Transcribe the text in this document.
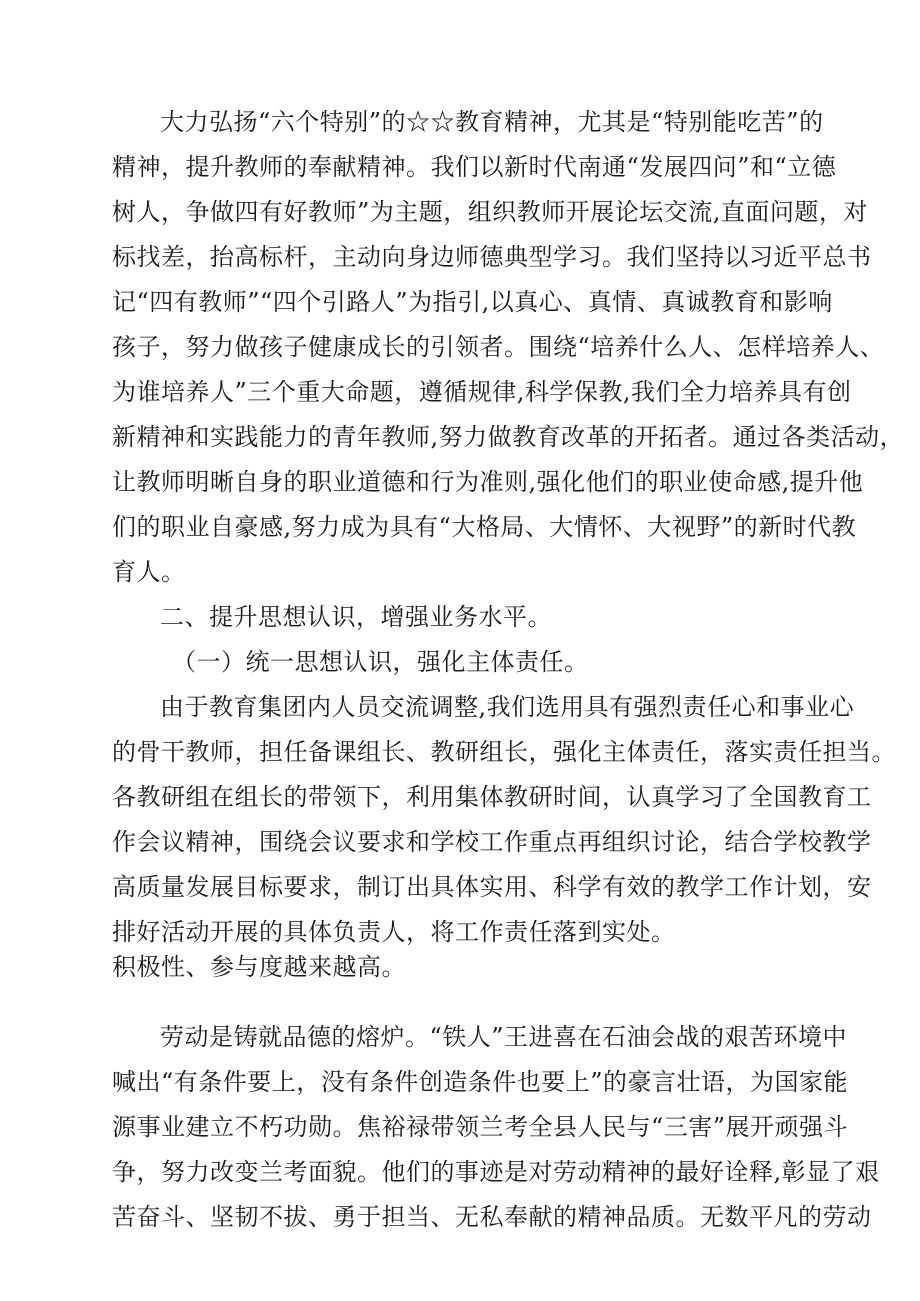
大力弘扬“六个特别”的☆☆教育精神，尤其是“特别能吃苦”的
精神，提升教师的奉献精神。我们以新时代南通“发展四问”和“立德
树人，争做四有好教师”为主题，组织教师开展论坛交流,直面问题，对
标找差，抬高标杆，主动向身边师德典型学习。我们坚持以习近平总书
记“四有教师”“四个引路人”为指引,以真心、真情、真诚教育和影响
孩子，努力做孩子健康成长的引领者。围绕“培养什么人、怎样培养人、
为谁培养人”三个重大命题，遵循规律,科学保教,我们全力培养具有创
新精神和实践能力的青年教师,努力做教育改革的开拓者。通过各类活动，
让教师明晰自身的职业道德和行为准则,强化他们的职业使命感,提升他
们的职业自豪感,努力成为具有“大格局、大情怀、大视野”的新时代教
育人。
二、提升思想认识，增强业务水平。
（一）统一思想认识，强化主体责任。
由于教育集团内人员交流调整,我们选用具有强烈责任心和事业心
的骨干教师，担任备课组长、教研组长，强化主体责任，落实责任担当。
各教研组在组长的带领下，利用集体教研时间，认真学习了全国教育工
作会议精神，围绕会议要求和学校工作重点再组织讨论，结合学校教学
高质量发展目标要求，制订出具体实用、科学有效的教学工作计划，安
排好活动开展的具体负责人，将工作责任落到实处。
积极性、参与度越来越高。
劳动是铸就品德的熔炉。“铁人”王进喜在石油会战的艰苦环境中
喊出“有条件要上，没有条件创造条件也要上”的豪言壮语，为国家能
源事业建立不朽功勋。焦裕禄带领兰考全县人民与“三害”展开顽强斗
争，努力改变兰考面貌。他们的事迹是对劳动精神的最好诠释,彰显了艰
苦奋斗、坚韧不拔、勇于担当、无私奉献的精神品质。无数平凡的劳动
